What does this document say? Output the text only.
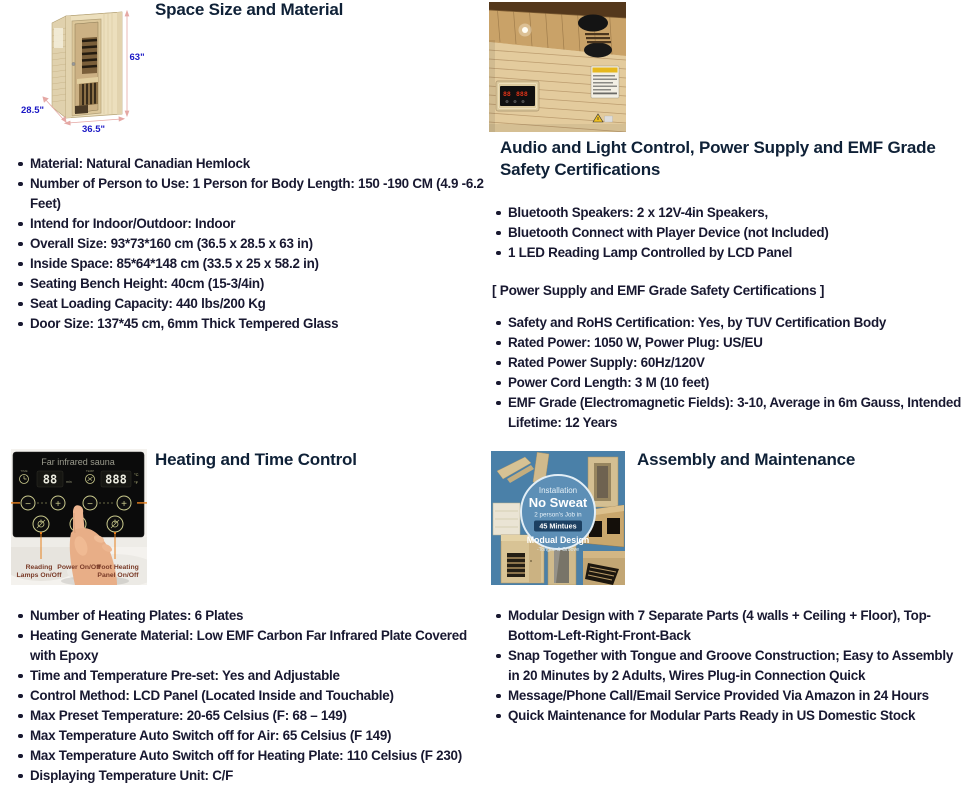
63"
28.5"
36.5"
Space Size and Material
Material: Natural Canadian Hemlock
Number of Person to Use: 1 Person for Body Length: 150 -190 CM (4.9 -6.2 Feet)
Intend for Indoor/Outdoor: Indoor
Overall Size: 93*73*160 cm (36.5 x 28.5 x 63 in)
Inside Space: 85*64*148 cm (33.5 x 25 x 58.2 in)
Seating Bench Height: 40cm (15-3/4in)
Seat Loading Capacity: 440 lbs/200 Kg
Door Size: 137*45 cm, 6mm Thick Tempered Glass
88 888
Audio and Light Control, Power Supply and EMF Grade Safety Certifications
Bluetooth Speakers: 2 x 12V-4in Speakers,
Bluetooth Connect with Player Device (not Included)
1 LED Reading Lamp Controlled by LCD Panel

[ Power Supply and EMF Grade Safety Certifications ]

Safety and RoHS Certification: Yes, by TUV Certification Body
Rated Power: 1050 W, Power Plug: US/EU
Rated Power Supply: 60Hz/120V
Power Cord Length: 3 M (10 feet)
EMF Grade (Electromagnetic Fields): 3-10, Average in 6m Gauss, Intended Lifetime: 12 Years
Far infrared sauna
TIME
88	min
TEMP
888 °C
°F
− +	−	+
Reading
Lamps On/Off
Power On/Off
Foot Heating
Panel On/Off
Heating and Time Control
Number of Heating Plates: 6 Plates
Heating Generate Material: Low EMF Carbon Far Infrared Plate Covered with Epoxy
Time and Temperature Pre-set: Yes and Adjustable
Control Method: LCD Panel (Located Inside and Touchable)
Max Preset Temperature: 20-65 Celsius (F: 68 – 149)
Max Temperature Auto Switch off for Air: 65 Celsius (F 149)
Max Temperature Auto Switch off for Heating Plate: 110 Celsius (F 230)
Displaying Temperature Unit: C/F
Installation
No Sweat
2 person's Job in
45 Mintues
Modual Design
-Tongue & Groove
Assembly and Maintenance
Modular Design with 7 Separate Parts (4 walls + Ceiling + Floor), Top-Bottom-Left-Right-Front-Back
Snap Together with Tongue and Groove Construction; Easy to Assembly in 20 Minutes by 2 Adults, Wires Plug-in Connection Quick
Message/Phone Call/Email Service Provided Via Amazon in 24 Hours
Quick Maintenance for Modular Parts Ready in US Domestic Stock
